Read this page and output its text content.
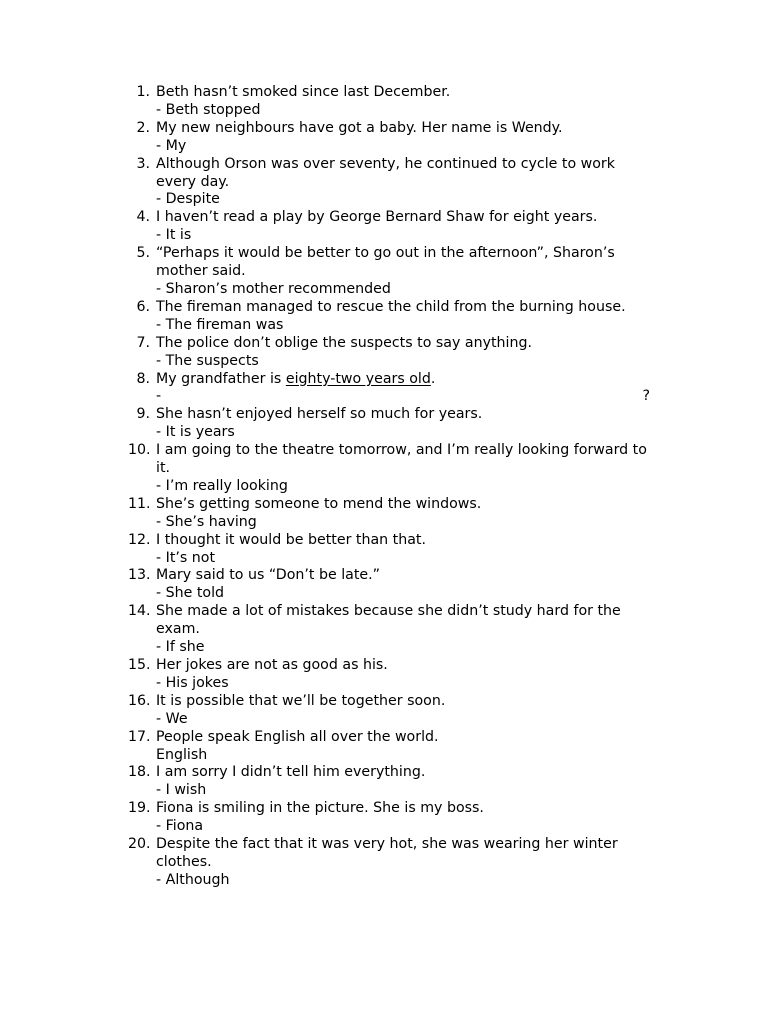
1. Beth hasn’t smoked since last December.
- Beth stopped
2. My new neighbours have got a baby. Her name is Wendy.
- My
3. Although Orson was over seventy, he continued to cycle to work every day.
- Despite
4. I haven’t read a play by George Bernard Shaw for eight years.
- It is
5. “Perhaps it would be better to go out in the afternoon”, Sharon’s mother said.
- Sharon’s mother recommended
6. The fireman managed to rescue the child from the burning house.
- The fireman was
7. The police don’t oblige the suspects to say anything.
- The suspects
8. My grandfather is eighty-two years old.
-	?
9. She hasn’t enjoyed herself so much for years.
- It is years
10. I am going to the theatre tomorrow, and I’m really looking forward to it.
- I’m really looking
11. She’s getting someone to mend the windows.
- She’s having
12. I thought it would be better than that.
- It’s not
13. Mary said to us “Don’t be late.”
- She told
14. She made a lot of mistakes because she didn’t study hard for the exam.
- If she
15. Her jokes are not as good as his.
- His jokes
16. It is possible that we’ll be together soon.
- We
17. People speak English all over the world.
English
18. I am sorry I didn’t tell him everything.
- I wish
19. Fiona is smiling in the picture. She is my boss.
- Fiona
20. Despite the fact that it was very hot, she was wearing her winter clothes.
- Although
